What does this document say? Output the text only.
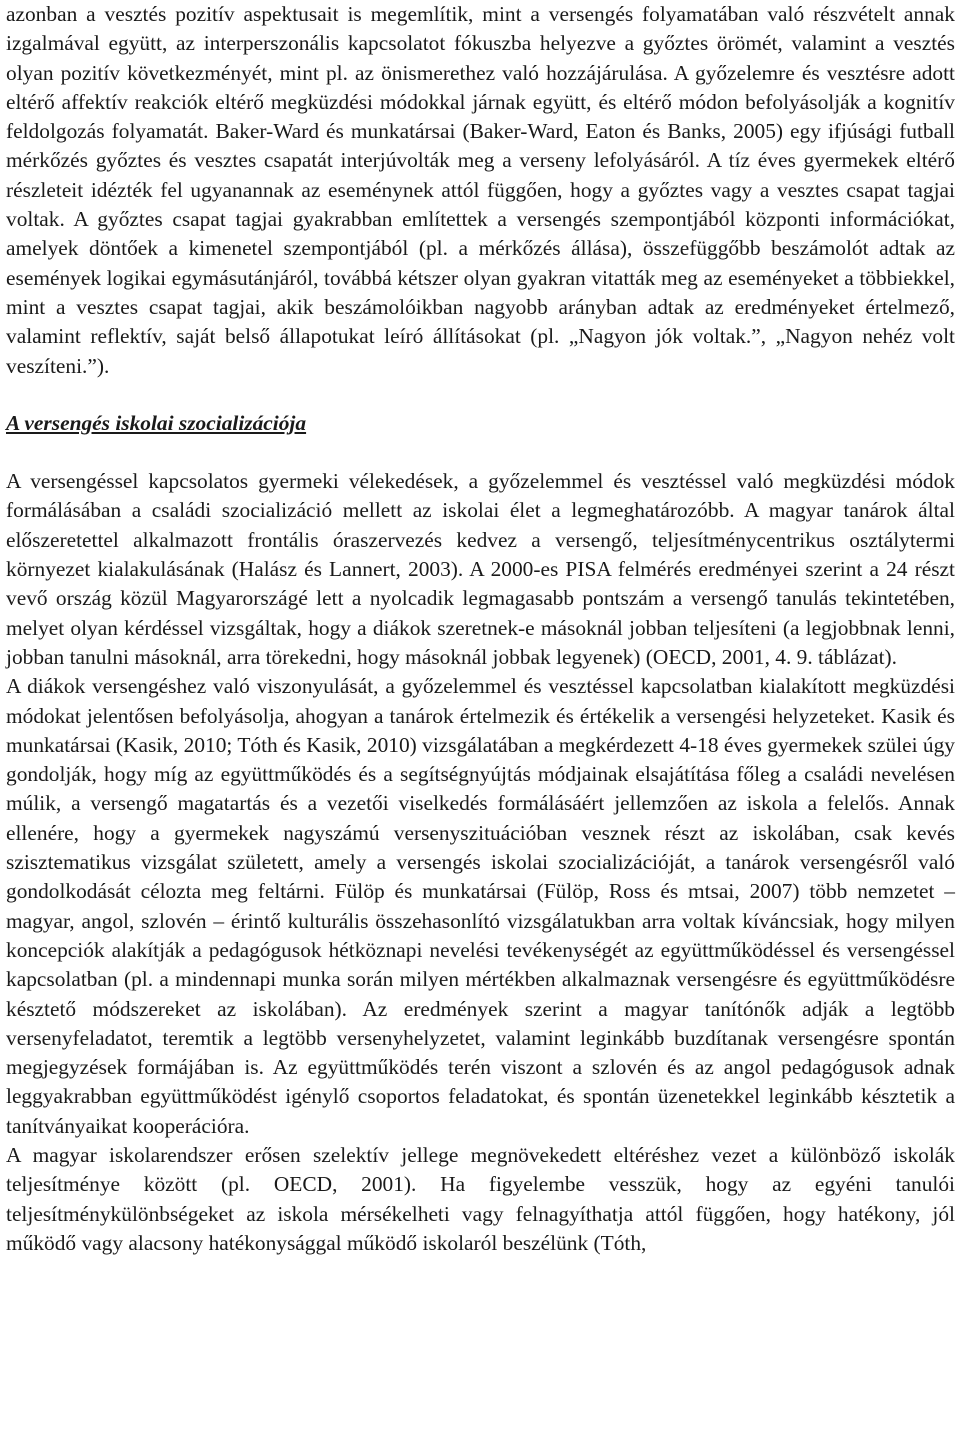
azonban a vesztés pozitív aspektusait is megemlítik, mint a versengés folyamatában való részvételt annak izgalmával együtt, az interperszonális kapcsolatot fókuszba helyezve a győztes örömét, valamint a vesztés olyan pozitív következményét, mint pl. az önismerethez való hozzájárulása. A győzelemre és vesztésre adott eltérő affektív reakciók eltérő megküzdési módokkal járnak együtt, és eltérő módon befolyásolják a kognitív feldolgozás folyamatát. Baker-Ward és munkatársai (Baker-Ward, Eaton és Banks, 2005) egy ifjúsági futball mérkőzés győztes és vesztes csapatát interjúvolták meg a verseny lefolyásáról. A tíz éves gyermekek eltérő részleteit idézték fel ugyanannak az eseménynek attól függően, hogy a győztes vagy a vesztes csapat tagjai voltak. A győztes csapat tagjai gyakrabban említettek a versengés szempontjából központi információkat, amelyek döntőek a kimenetel szempontjából (pl. a mérkőzés állása), összefüggőbb beszámolót adtak az események logikai egymásutánjáról, továbbá kétszer olyan gyakran vitatták meg az eseményeket a többiekkel, mint a vesztes csapat tagjai, akik beszámolóikban nagyobb arányban adtak az eredményeket értelmező, valamint reflektív, saját belső állapotukat leíró állításokat (pl. „Nagyon jók voltak.”, „Nagyon nehéz volt veszíteni.”).

A versengés iskolai szocializációja

A versengéssel kapcsolatos gyermeki vélekedések, a győzelemmel és vesztéssel való megküzdési módok formálásában a családi szocializáció mellett az iskolai élet a legmeghatározóbb. A magyar tanárok által előszeretettel alkalmazott frontális óraszervezés kedvez a versengő, teljesítménycentrikus osztálytermi környezet kialakulásának (Halász és Lannert, 2003). A 2000-es PISA felmérés eredményei szerint a 24 részt vevő ország közül Magyarországé lett a nyolcadik legmagasabb pontszám a versengő tanulás tekintetében, melyet olyan kérdéssel vizsgáltak, hogy a diákok szeretnek-e másoknál jobban teljesíteni (a legjobbnak lenni, jobban tanulni másoknál, arra törekedni, hogy másoknál jobbak legyenek) (OECD, 2001, 4. 9. táblázat).

A diákok versengéshez való viszonyulását, a győzelemmel és vesztéssel kapcsolatban kialakított megküzdési módokat jelentősen befolyásolja, ahogyan a tanárok értelmezik és értékelik a versengési helyzeteket. Kasik és munkatársai (Kasik, 2010; Tóth és Kasik, 2010) vizsgálatában a megkérdezett 4-18 éves gyermekek szülei úgy gondolják, hogy míg az együttműködés és a segítségnyújtás módjainak elsajátítása főleg a családi nevelésen múlik, a versengő magatartás és a vezetői viselkedés formálásáért jellemzően az iskola a felelős. Annak ellenére, hogy a gyermekek nagyszámú versenyszituációban vesznek részt az iskolában, csak kevés szisztematikus vizsgálat született, amely a versengés iskolai szocializációját, a tanárok versengésről való gondolkodását célozta meg feltárni. Fülöp és munkatársai (Fülöp, Ross és mtsai, 2007) több nemzetet – magyar, angol, szlovén – érintő kulturális összehasonlító vizsgálatukban arra voltak kíváncsiak, hogy milyen koncepciók alakítják a pedagógusok hétköznapi nevelési tevékenységét az együttműködéssel és versengéssel kapcsolatban (pl. a mindennapi munka során milyen mértékben alkalmaznak versengésre és együttműködésre késztető módszereket az iskolában). Az eredmények szerint a magyar tanítónők adják a legtöbb versenyfeladatot, teremtik a legtöbb versenyhelyzetet, valamint leginkább buzdítanak versengésre spontán megjegyzések formájában is. Az együttműködés terén viszont a szlovén és az angol pedagógusok adnak leggyakrabban együttműködést igénylő csoportos feladatokat, és spontán üzenetekkel leginkább késztetik a tanítványaikat kooperációra.

A magyar iskolarendszer erősen szelektív jellege megnövekedett eltéréshez vezet a különböző iskolák teljesítménye között (pl. OECD, 2001). Ha figyelembe vesszük, hogy az egyéni tanulói teljesítménykülönbségeket az iskola mérsékelheti vagy felnagyíthatja attól függően, hogy hatékony, jól működő vagy alacsony hatékonysággal működő iskolaról beszélünk (Tóth,
